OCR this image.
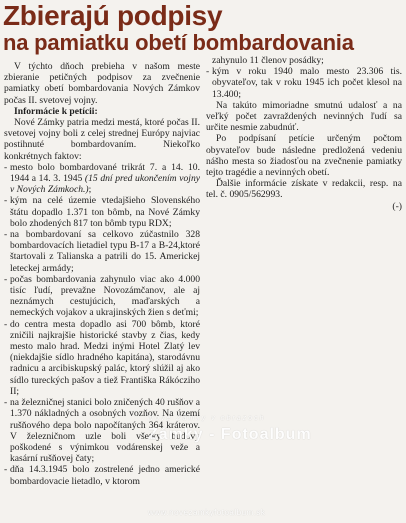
Zbierajú podpisy
na pamiatku obetí bombardovania

V týchto dňoch prebieha v našom meste zbieranie petičných podpisov za zvečnenie pamiatky obetí bombardovania Nových Zámkov počas II. svetovej vojny.

Informácie k petícii:

Nové Zámky patria medzi mestá, ktoré počas II. svetovej vojny boli z celej strednej Európy najviac postihnuté bombardovaním. Niekoľko konkrétnych faktov:

- mesto bolo bombardované trikrát 7. a 14. 10. 1944 a 14. 3. 1945 (15 dní pred ukončením vojny v Nových Zámkoch.);
- kým na celé územie vtedajšieho Slovenského štátu dopadlo 1.371 ton bômb, na Nové Zámky bolo zhodených 817 ton bômb typu RDX;
- na bombardovaní sa celkovo zúčastnilo 328 bombardovacích lietadiel typu B-17 a B-24,ktoré štartovali z Talianska a patrili do 15. Americkej leteckej armády;
- počas bombardovania zahynulo viac ako 4.000 tisíc ľudí, prevažne Novozámčanov, ale aj neznámych cestujúcich, maďarských a nemeckých vojakov a ukrajinských žien s deťmi;
- do centra mesta dopadlo asi 700 bômb, ktoré zničili najkrajšie historické stavby z čias, kedy mesto malo hrad. Medzi inými Hotel Zlatý lev (niekdajšie sídlo hradného kapitána), starodávnu radnicu a arcibiskupský palác, ktorý slúžil aj ako sídlo tureckých pašov a tiež Františka Rákócziho II;
- na železničnej stanici bolo zničených 40 rušňov a 1.370 nákladných a osobných vozňov. Na území rušňového depa bolo napočítaných 364 kráterov. V železničnom uzle boli všetky budovy poškodené s výnimkou vodárenskej veže a kasární rušňovej čaty;
- dňa 14.3.1945 bolo zostrelené jedno americké bombardovacie lietadlo, v ktorom

zahynulo 11 členov posádky;

- kým v roku 1940 malo mesto 23.306 tis. obyvateľov, tak v roku 1945 ich počet klesol na 13.400;

Na takúto mimoriadne smutnú udalosť a na veľký počet zavraždených nevinných ľudí sa určite nesmie zabudnúť.

Po podpísaní petície určeným počtom obyvateľov bude následne predložená vedeniu nášho mesta so žiadosťou na zvečnenie pamiatky tejto tragédie a nevinných obetí.

Ďalšie informácie získate v redakcii, resp. na tel. č. 0905/562993.

(-)
Nové Zámky v obrazoch
Zámky - Fotoalbum
www.novezamkyfotoalbum.sk
